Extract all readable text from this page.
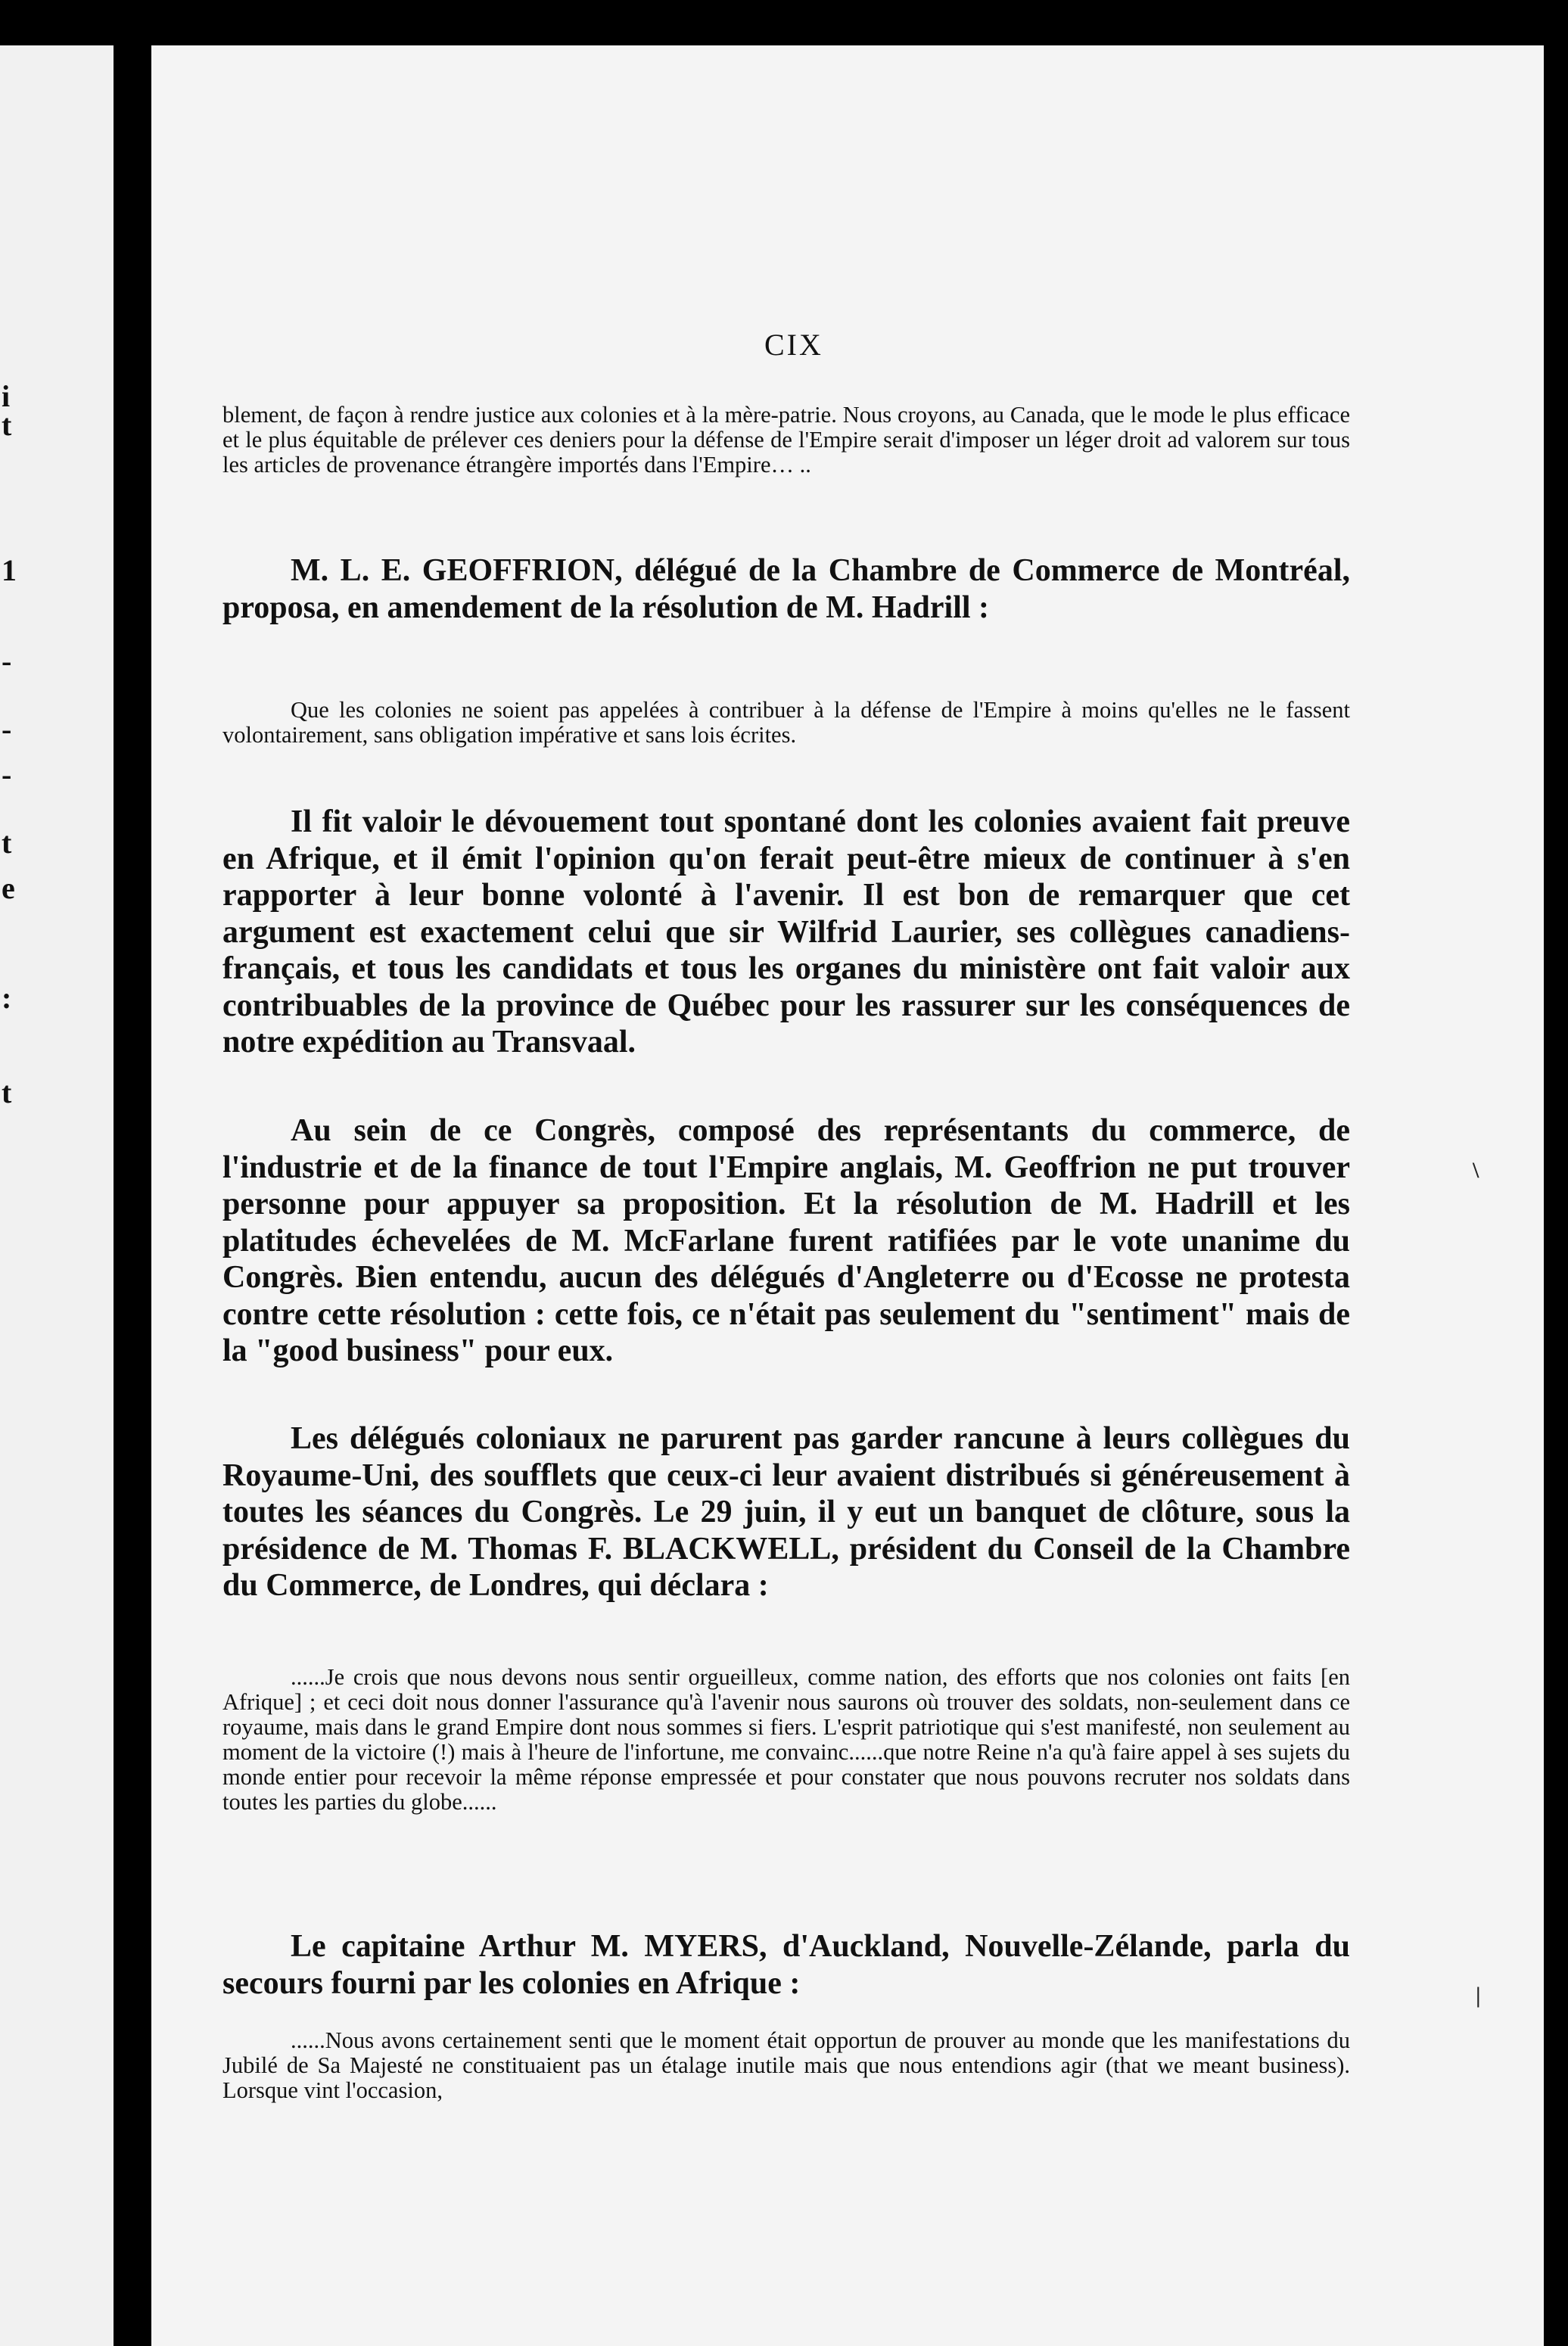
i
t
1
-
-
-
t
e
:
t
CIX

blement, de façon à rendre justice aux colonies et à la mère-patrie. Nous croyons, au Canada, que le mode le plus efficace et le plus équitable de prélever ces deniers pour la défense de l'Empire serait d'imposer un léger droit ad valorem sur tous les articles de provenance étrangère importés dans l'Empire… ..

M. L. E. GEOFFRION, délégué de la Chambre de Commerce de Montréal, proposa, en amendement de la résolution de M. Hadrill :

Que les colonies ne soient pas appelées à contribuer à la défense de l'Empire à moins qu'elles ne le fassent volontairement, sans obligation impérative et sans lois écrites.

Il fit valoir le dévouement tout spontané dont les colonies avaient fait preuve en Afrique, et il émit l'opinion qu'on ferait peut-être mieux de continuer à s'en rapporter à leur bonne volonté à l'avenir. Il est bon de remarquer que cet argument est exactement celui que sir Wilfrid Laurier, ses collègues canadiens-français, et tous les candidats et tous les organes du ministère ont fait valoir aux contribuables de la province de Québec pour les rassurer sur les conséquences de notre expédition au Transvaal.

Au sein de ce Congrès, composé des représentants du commerce, de l'industrie et de la finance de tout l'Empire anglais, M. Geoffrion ne put trouver personne pour appuyer sa proposition. Et la résolution de M. Hadrill et les platitudes échevelées de M. McFarlane furent ratifiées par le vote unanime du Congrès. Bien entendu, aucun des délégués d'Angleterre ou d'Ecosse ne protesta contre cette résolution : cette fois, ce n'était pas seulement du "sentiment" mais de la "good business" pour eux.

Les délégués coloniaux ne parurent pas garder rancune à leurs collègues du Royaume-Uni, des soufflets que ceux-ci leur avaient distribués si généreusement à toutes les séances du Congrès. Le 29 juin, il y eut un banquet de clôture, sous la présidence de M. Thomas F. BLACKWELL, président du Conseil de la Chambre du Commerce, de Londres, qui déclara :

......Je crois que nous devons nous sentir orgueilleux, comme nation, des efforts que nos colonies ont faits [en Afrique] ; et ceci doit nous donner l'assurance qu'à l'avenir nous saurons où trouver des soldats, non-seulement dans ce royaume, mais dans le grand Empire dont nous sommes si fiers. L'esprit patriotique qui s'est manifesté, non seulement au moment de la victoire (!) mais à l'heure de l'infortune, me convainc......que notre Reine n'a qu'à faire appel à ses sujets du monde entier pour recevoir la même réponse empressée et pour constater que nous pouvons recruter nos soldats dans toutes les parties du globe......

Le capitaine Arthur M. MYERS, d'Auckland, Nouvelle-Zélande, parla du secours fourni par les colonies en Afrique :

......Nous avons certainement senti que le moment était opportun de prouver au monde que les manifestations du Jubilé de Sa Majesté ne constituaient pas un étalage inutile mais que nous entendions agir (that we meant business). Lorsque vint l'occasion,

\
|
